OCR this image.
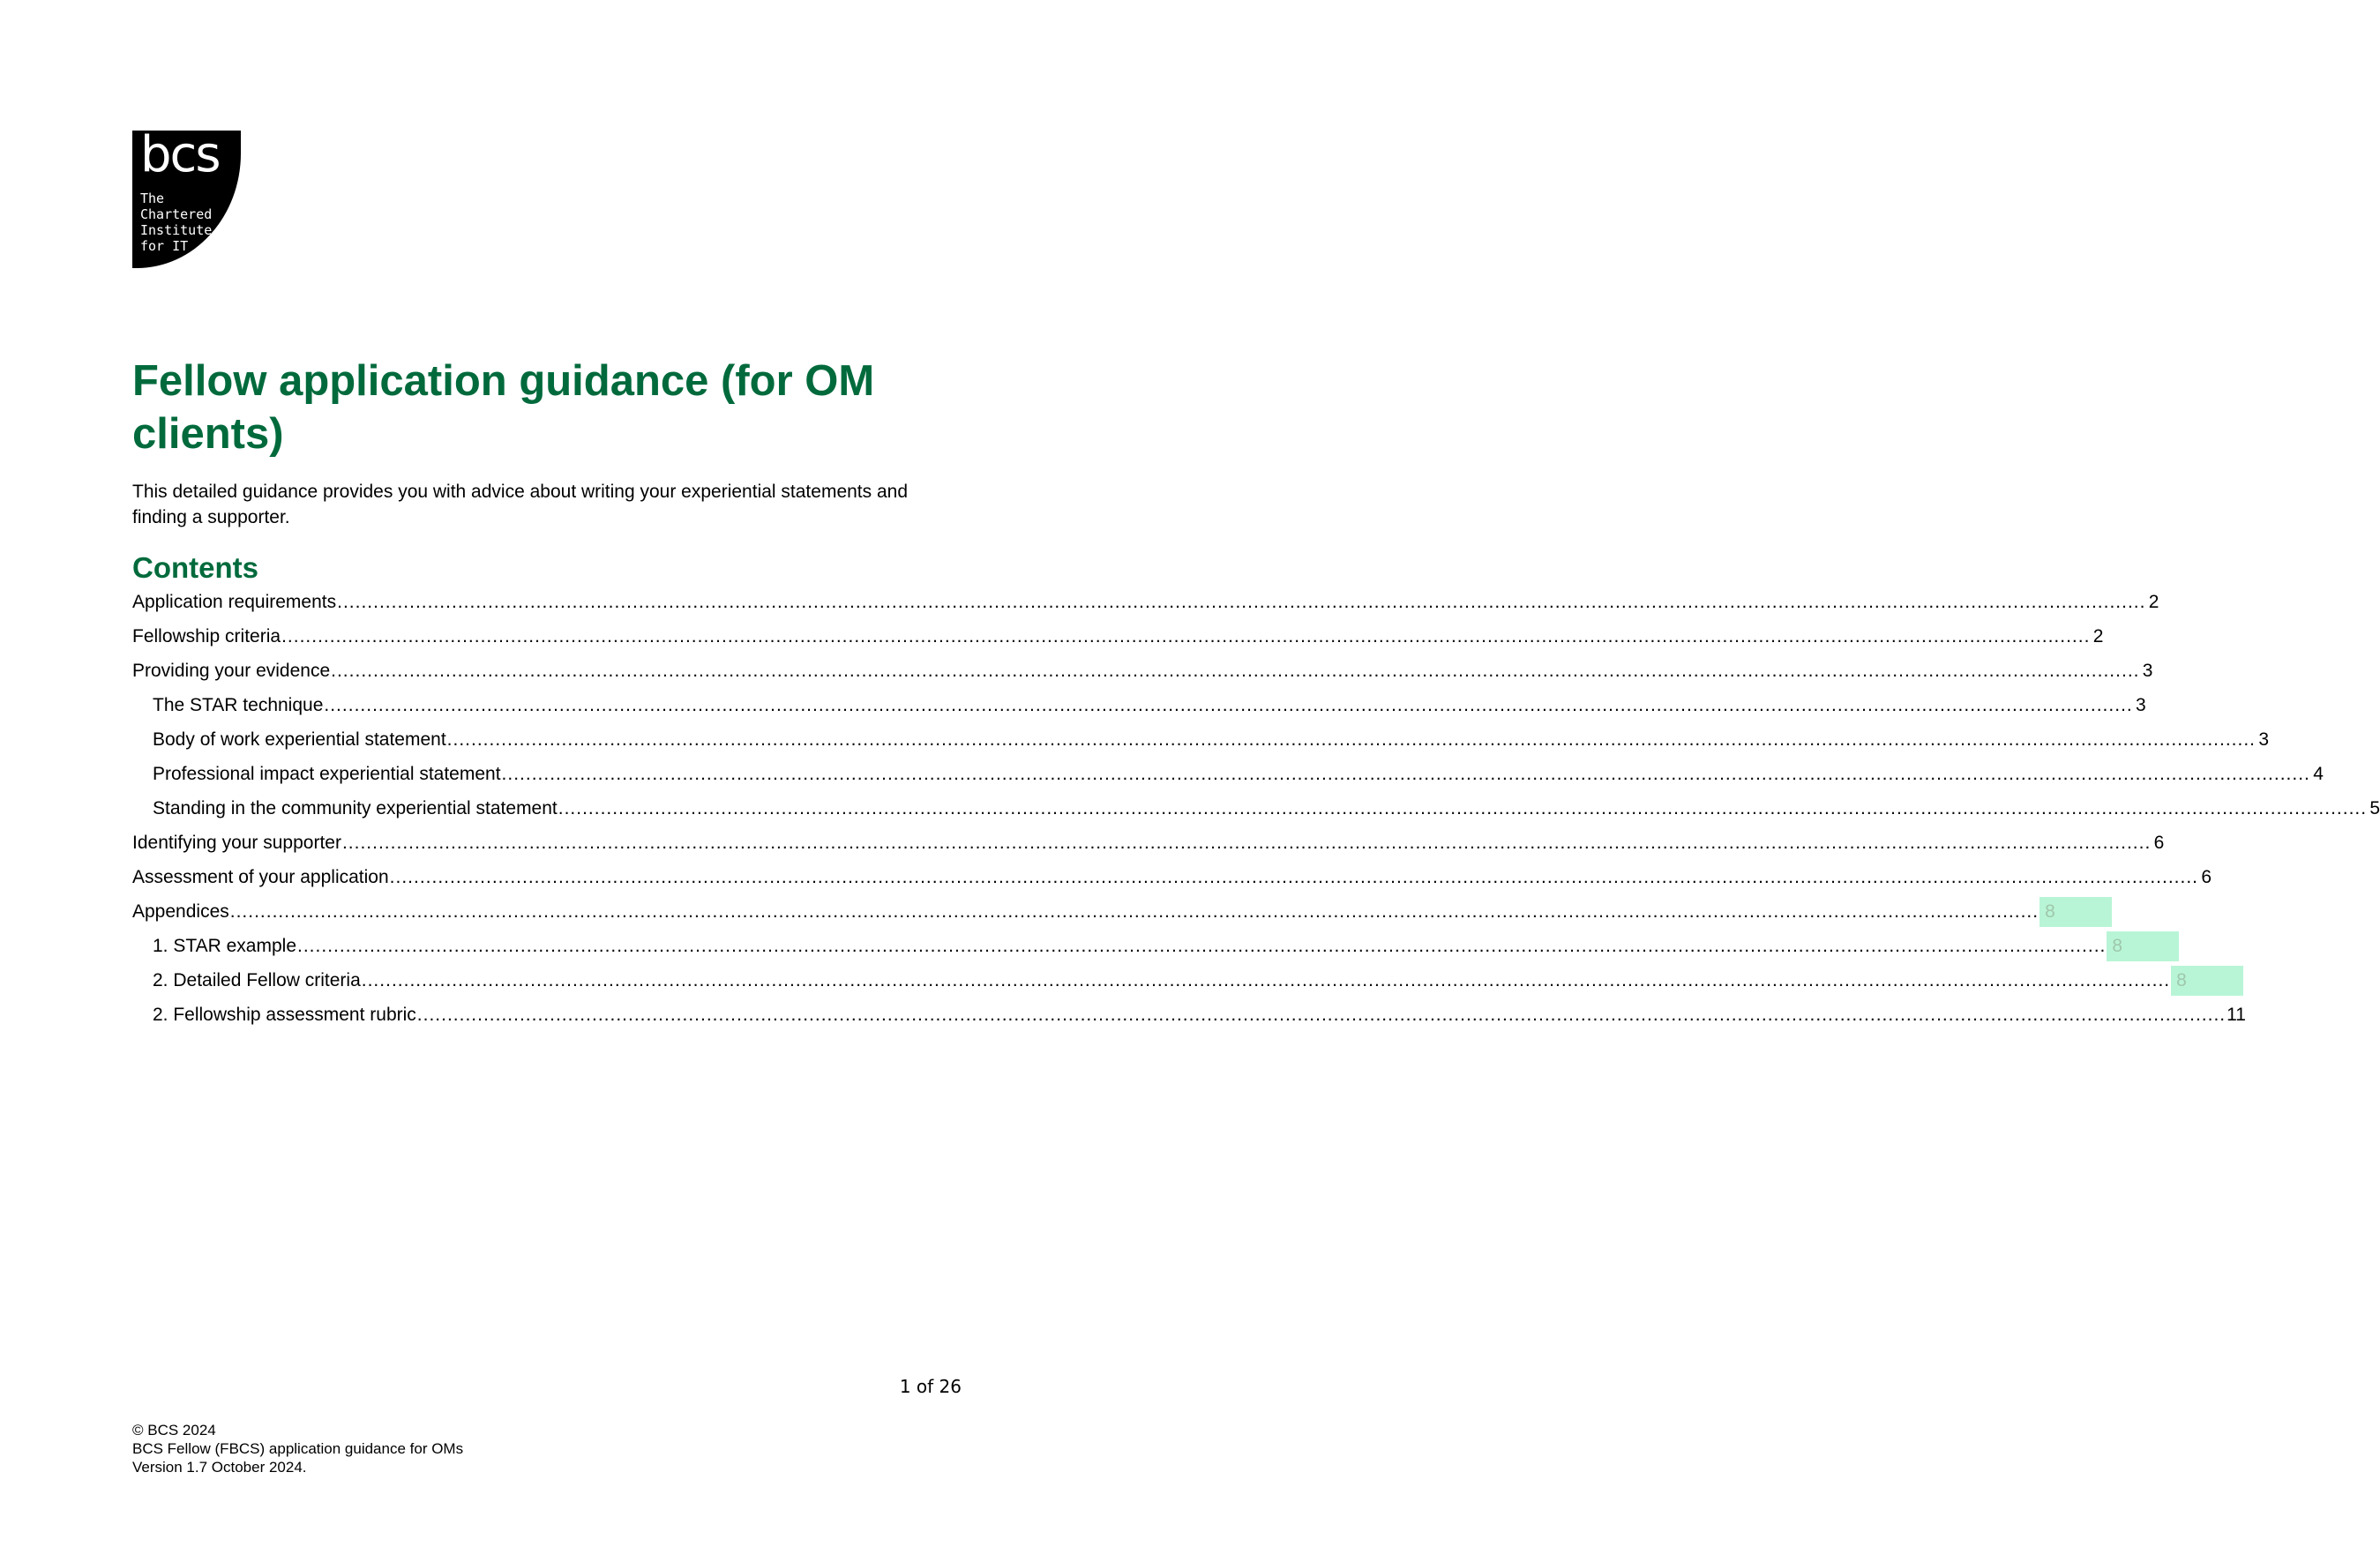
bcs
The
Chartered
Institute
for IT
Fellow application guidance (for OM clients)

This detailed guidance provides you with advice about writing your experiential statements and finding a supporter.

Contents
Application requirements ............................................................................................................................................................................................................................................................................................................ 2
Fellowship criteria ............................................................................................................................................................................................................................................................................................................ 2
Providing your evidence ............................................................................................................................................................................................................................................................................................................ 3
The STAR technique ............................................................................................................................................................................................................................................................................................................ 3
Body of work experiential statement ............................................................................................................................................................................................................................................................................................................ 3
Professional impact experiential statement ............................................................................................................................................................................................................................................................................................................ 4
Standing in the community experiential statement ............................................................................................................................................................................................................................................................................................................ 5
Identifying your supporter ............................................................................................................................................................................................................................................................................................................ 6
Assessment of your application ............................................................................................................................................................................................................................................................................................................ 6
Appendices ............................................................................................................................................................................................................................................................................................................ 8
1. STAR example ............................................................................................................................................................................................................................................................................................................ 8
2. Detailed Fellow criteria ............................................................................................................................................................................................................................................................................................................ 8
2. Fellowship assessment rubric ............................................................................................................................................................................................................................................................................................................ 11
1 of 26
© BCS 2024
BCS Fellow (FBCS) application guidance for OMs
Version 1.7 October 2024.
